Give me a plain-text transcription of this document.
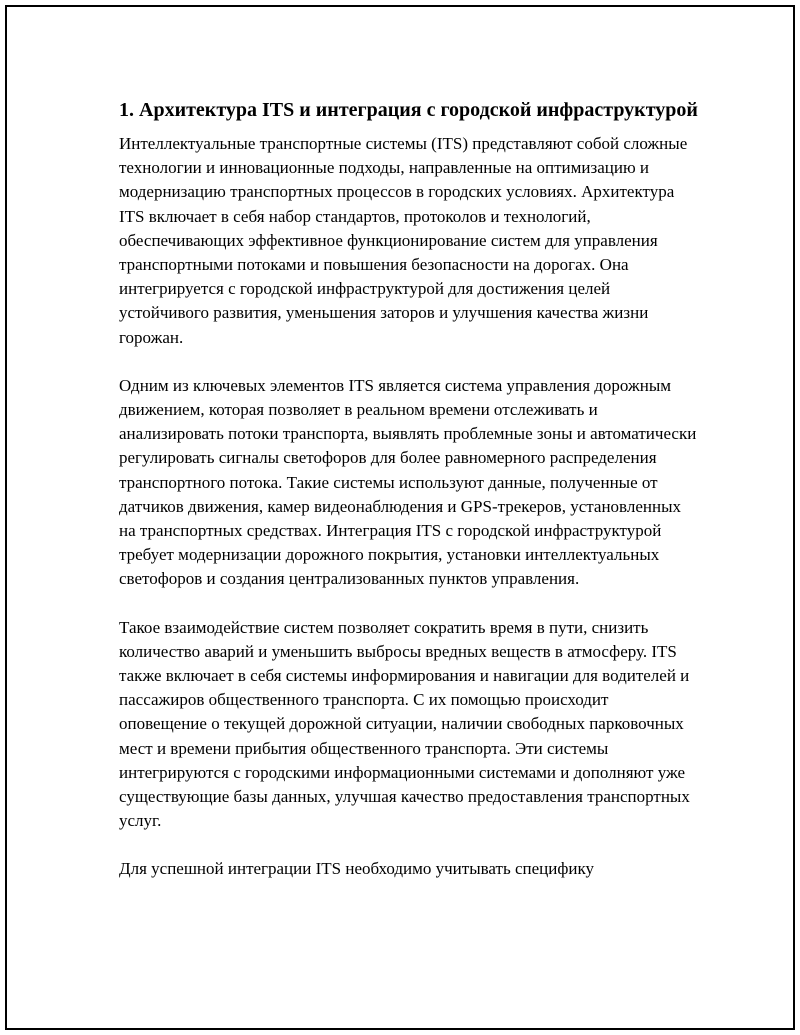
1. Архитектура ITS и интеграция с городской инфраструктурой

Интеллектуальные транспортные системы (ITS) представляют собой сложные технологии и инновационные подходы, направленные на оптимизацию и модернизацию транспортных процессов в городских условиях. Архитектура ITS включает в себя набор стандартов, протоколов и технологий, обеспечивающих эффективное функционирование систем для управления транспортными потоками и повышения безопасности на дорогах. Она интегрируется с городской инфраструктурой для достижения целей устойчивого развития, уменьшения заторов и улучшения качества жизни горожан.

Одним из ключевых элементов ITS является система управления дорожным движением, которая позволяет в реальном времени отслеживать и анализировать потоки транспорта, выявлять проблемные зоны и автоматически регулировать сигналы светофоров для более равномерного распределения транспортного потока. Такие системы используют данные, полученные от датчиков движения, камер видеонаблюдения и GPS-трекеров, установленных на транспортных средствах. Интеграция ITS с городской инфраструктурой требует модернизации дорожного покрытия, установки интеллектуальных светофоров и создания централизованных пунктов управления.

Такое взаимодействие систем позволяет сократить время в пути, снизить количество аварий и уменьшить выбросы вредных веществ в атмосферу. ITS также включает в себя системы информирования и навигации для водителей и пассажиров общественного транспорта. С их помощью происходит оповещение о текущей дорожной ситуации, наличии свободных парковочных мест и времени прибытия общественного транспорта. Эти системы интегрируются с городскими информационными системами и дополняют уже существующие базы данных, улучшая качество предоставления транспортных услуг.

Для успешной интеграции ITS необходимо учитывать специфику
